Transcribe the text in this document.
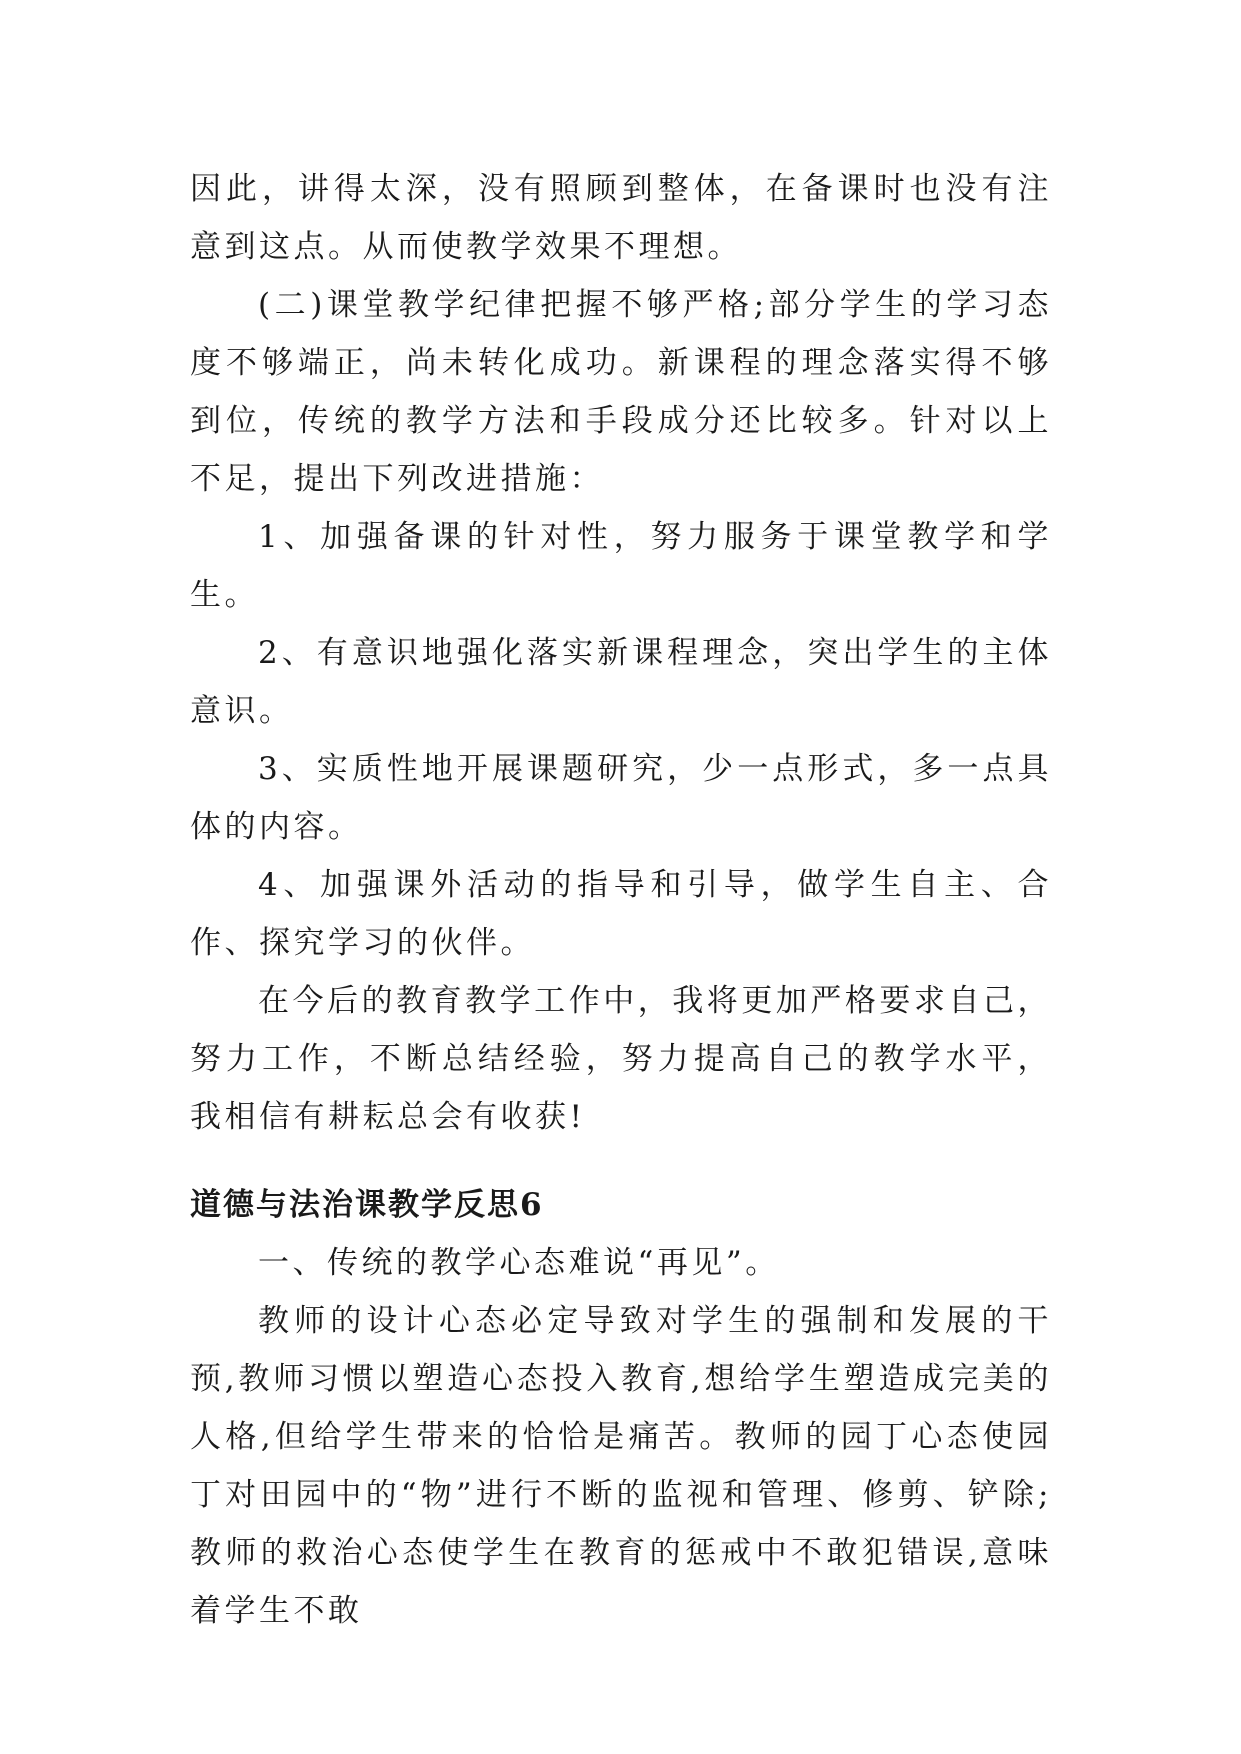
因此，讲得太深，没有照顾到整体，在备课时也没有注意到这点。从而使教学效果不理想。

(二)课堂教学纪律把握不够严格;部分学生的学习态度不够端正，尚未转化成功。新课程的理念落实得不够到位，传统的教学方法和手段成分还比较多。针对以上不足，提出下列改进措施：

1、加强备课的针对性，努力服务于课堂教学和学生。

2、有意识地强化落实新课程理念，突出学生的主体意识。

3、实质性地开展课题研究，少一点形式，多一点具体的内容。

4、加强课外活动的指导和引导，做学生自主、合作、探究学习的伙伴。

在今后的教育教学工作中，我将更加严格要求自己，努力工作，不断总结经验，努力提高自己的教学水平，我相信有耕耘总会有收获!

道德与法治课教学反思6

一、传统的教学心态难说“再见”。

教师的设计心态必定导致对学生的强制和发展的干预,教师习惯以塑造心态投入教育,想给学生塑造成完美的人格,但给学生带来的恰恰是痛苦。教师的园丁心态使园丁对田园中的“物”进行不断的监视和管理、修剪、铲除;教师的救治心态使学生在教育的惩戒中不敢犯错误,意味着学生不敢
